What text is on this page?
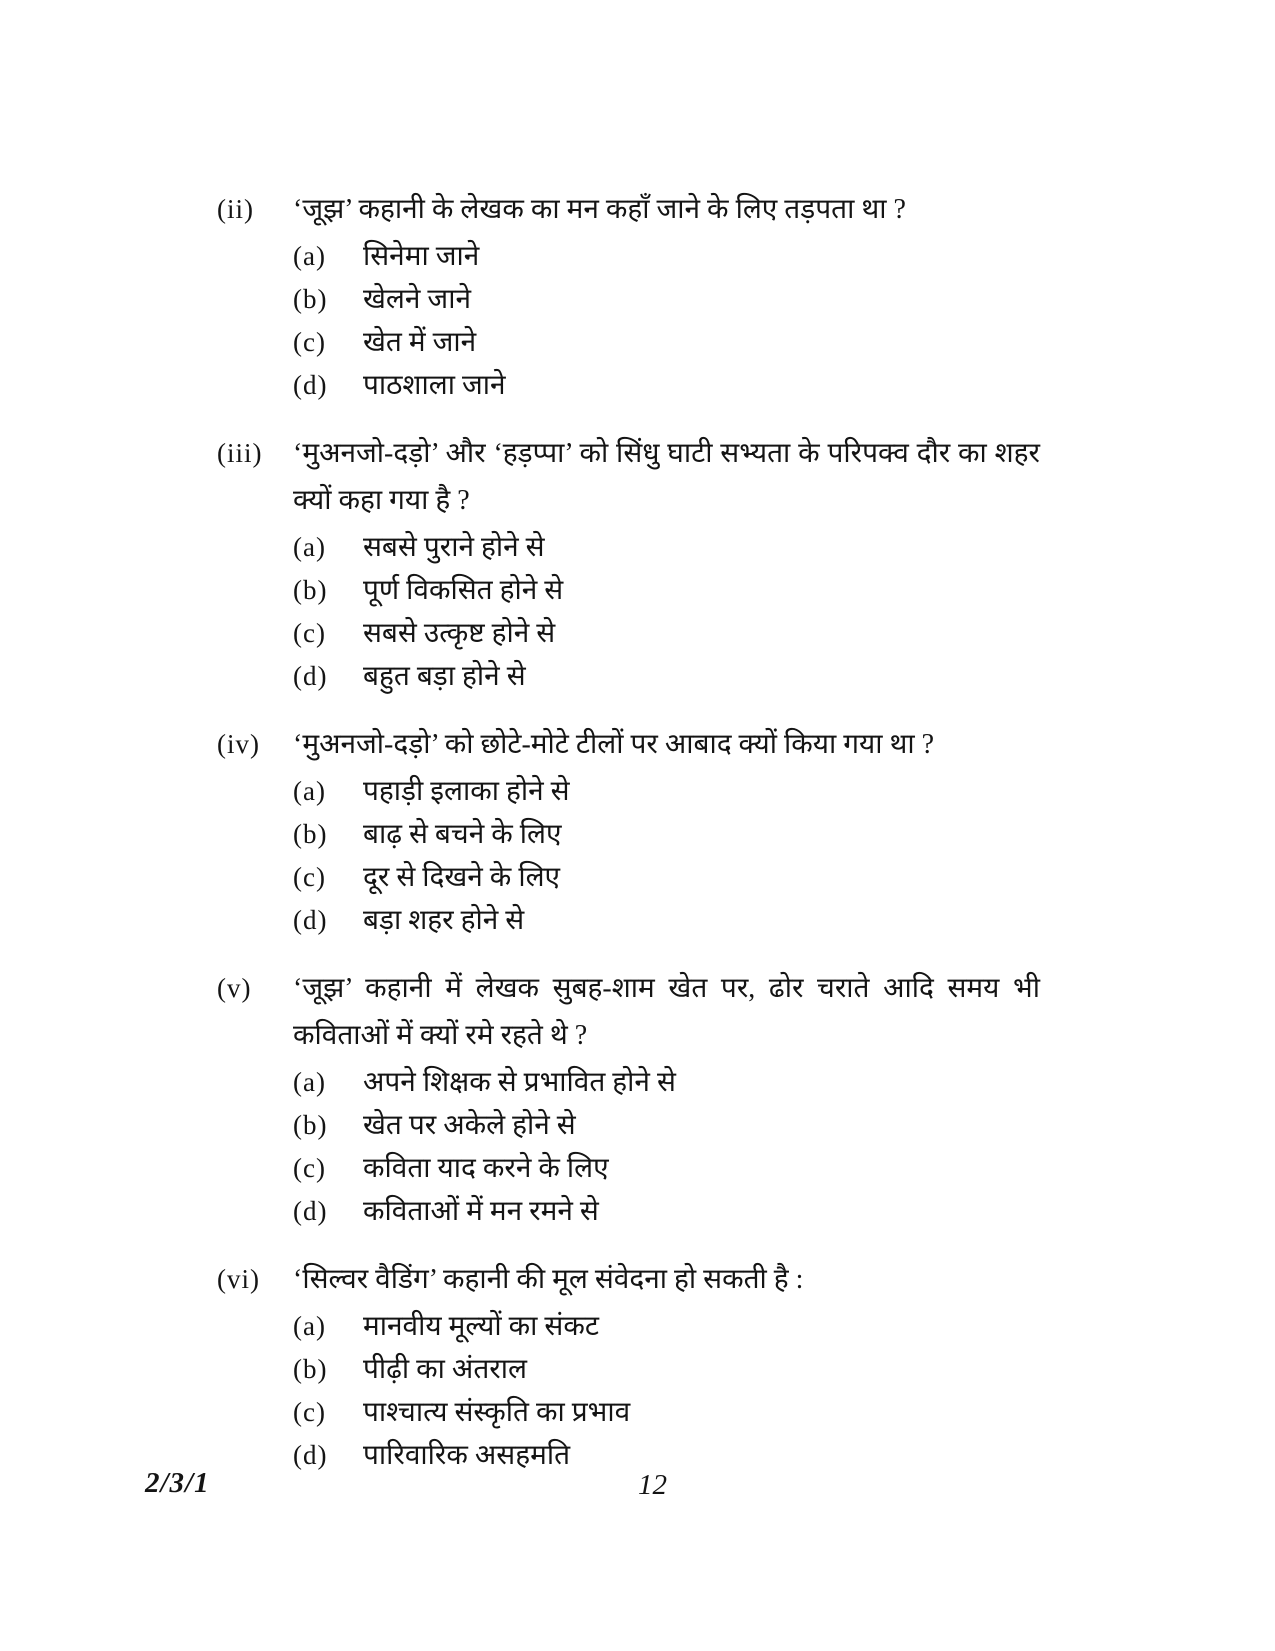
(ii)	‘जूझ’ कहानी के लेखक का मन कहाँ जाने के लिए तड़पता था ?

(a)	सिनेमा जाने
(b)	खेलने जाने
(c)	खेत में जाने
(d)	पाठशाला जाने
(iii)	‘मुअनजो-दड़ो’ और ‘हड़प्पा’ को सिंधु घाटी सभ्यता के परिपक्व दौर का शहर क्यों कहा गया है ?

(a)	सबसे पुराने होने से
(b)	पूर्ण विकसित होने से
(c)	सबसे उत्कृष्ट होने से
(d)	बहुत बड़ा होने से
(iv)	‘मुअनजो-दड़ो’ को छोटे-मोटे टीलों पर आबाद क्यों किया गया था ?

(a)	पहाड़ी इलाका होने से
(b)	बाढ़ से बचने के लिए
(c)	दूर से दिखने के लिए
(d)	बड़ा शहर होने से
(v)	‘जूझ’ कहानी में लेखक सुबह-शाम खेत पर, ढोर चराते आदि समय भी कविताओं में क्यों रमे रहते थे ?

(a)	अपने शिक्षक से प्रभावित होने से
(b)	खेत पर अकेले होने से
(c)	कविता याद करने के लिए
(d)	कविताओं में मन रमने से
(vi)	‘सिल्वर वैडिंग’ कहानी की मूल संवेदना हो सकती है :

(a)	मानवीय मूल्यों का संकट
(b)	पीढ़ी का अंतराल
(c)	पाश्चात्य संस्कृति का प्रभाव
(d)	पारिवारिक असहमति
2/3/1	12
